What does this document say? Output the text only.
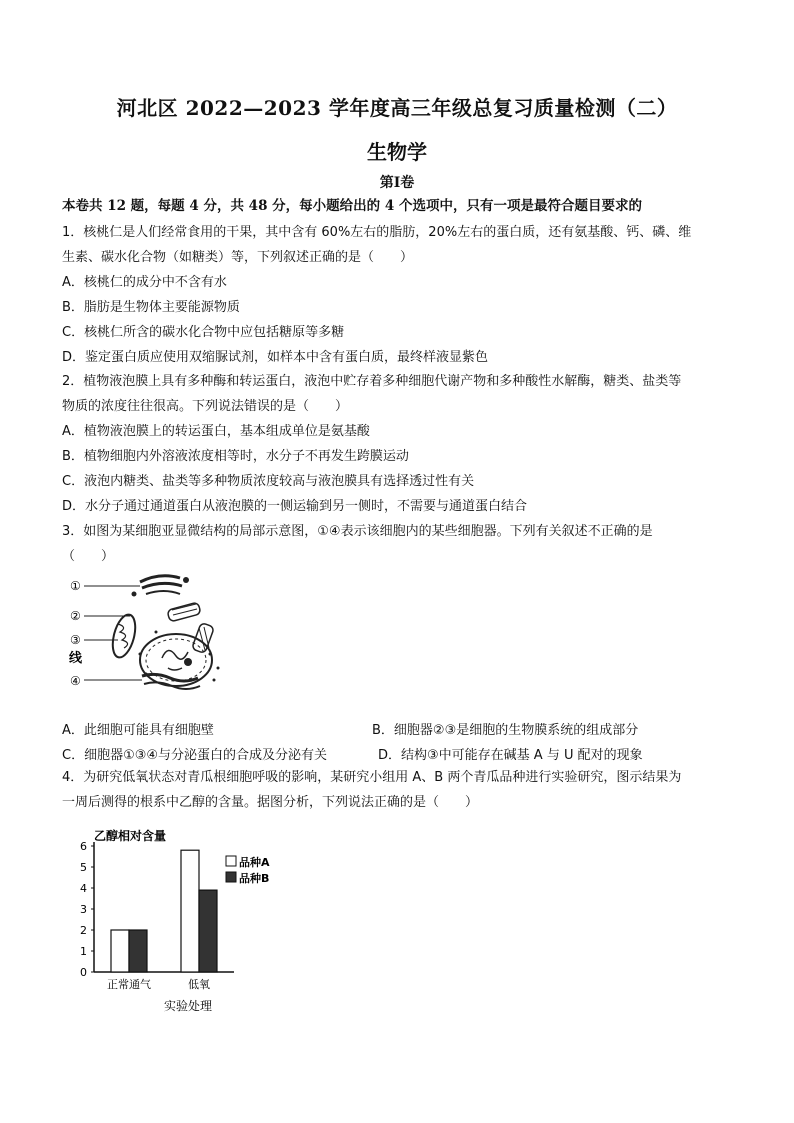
河北区 2022—2023 学年度高三年级总复习质量检测（二）
生物学
第Ⅰ卷
本卷共 12 题，每题 4 分，共 48 分，每小题给出的 4 个选项中，只有一项是最符合题目要求的
1．核桃仁是人们经常食用的干果，其中含有 60%左右的脂肪，20%左右的蛋白质，还有氨基酸、钙、磷、维
生素、碳水化合物（如糖类）等，下列叙述正确的是（　　）
A．核桃仁的成分中不含有水
B．脂肪是生物体主要能源物质
C．核桃仁所含的碳水化合物中应包括糖原等多糖
D．鉴定蛋白质应使用双缩脲试剂，如样本中含有蛋白质，最终样液显紫色
2．植物液泡膜上具有多种酶和转运蛋白，液泡中贮存着多种细胞代谢产物和多种酸性水解酶，糖类、盐类等
物质的浓度往往很高。下列说法错误的是（　　）
A．植物液泡膜上的转运蛋白，基本组成单位是氨基酸
B．植物细胞内外溶液浓度相等时，水分子不再发生跨膜运动
C．液泡内糖类、盐类等多种物质浓度较高与液泡膜具有选择透过性有关
D．水分子通过通道蛋白从液泡膜的一侧运输到另一侧时，不需要与通道蛋白结合
3．如图为某细胞亚显微结构的局部示意图，①④表示该细胞内的某些细胞器。下列有关叙述不正确的是
（　　）
①
②
③
④
线
A．此细胞可能具有细胞壁	B．细胞器②③是细胞的生物膜系统的组成部分
C．细胞器①③④与分泌蛋白的合成及分泌有关	D．结构③中可能存在碱基 A 与 U 配对的现象
4．为研究低氧状态对青瓜根细胞呼吸的影响，某研究小组用 A、B 两个青瓜品种进行实验研究，图示结果为
一周后测得的根系中乙醇的含量。据图分析，下列说法正确的是（　　）
乙醇相对含量
0
1
2
3
4
5
6
正常通气	低氧
品种A
品种B
实验处理
